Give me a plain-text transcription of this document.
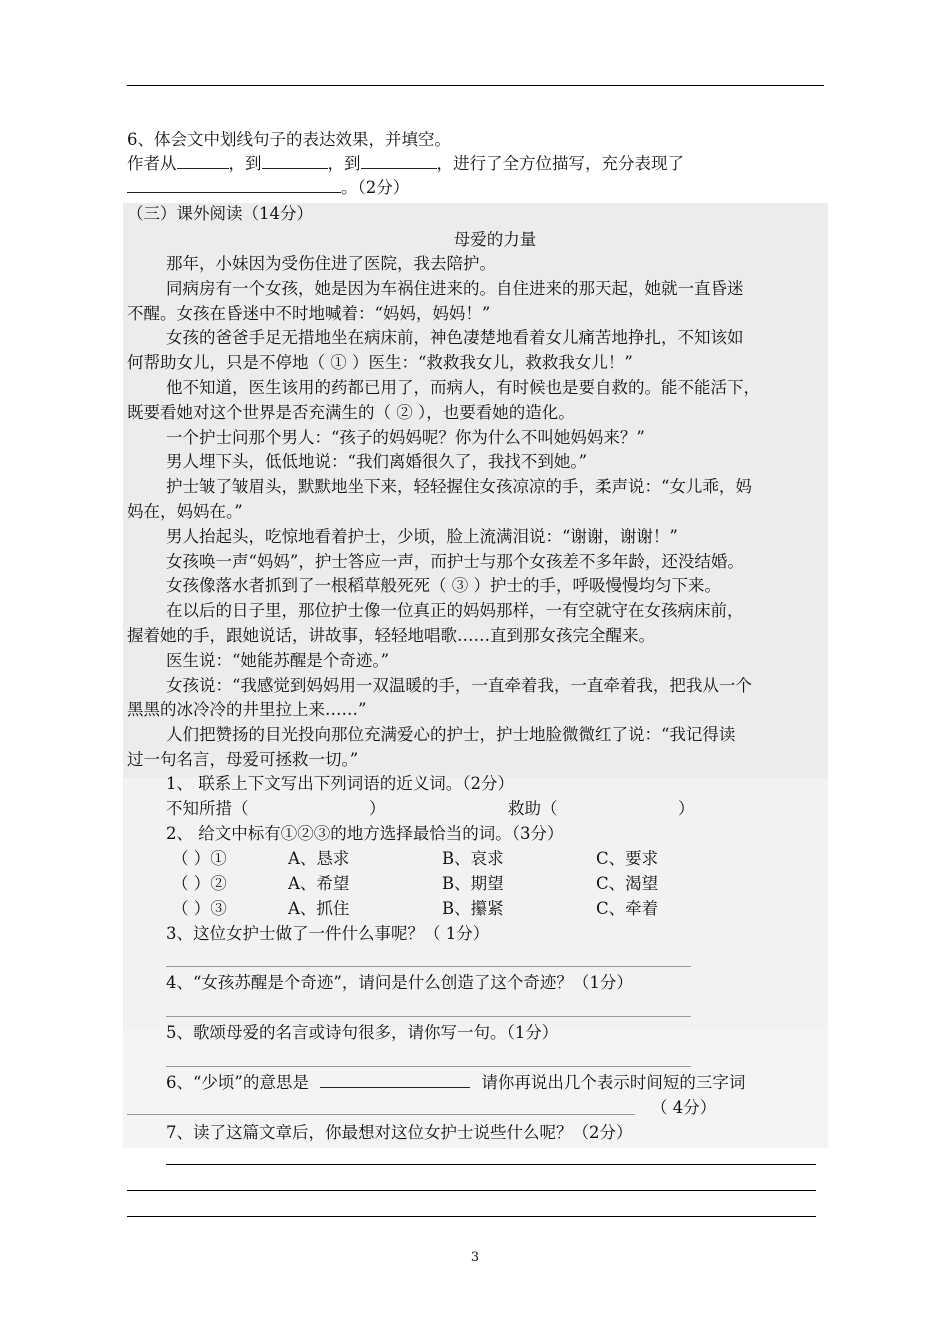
6、体会文中划线句子的表达效果，并填空。
作者从	，到	，到	，进行了全方位描写，充分表现了
。（2分）
（三）课外阅读（14分）
母爱的力量
那年，小妹因为受伤住进了医院，我去陪护。
同病房有一个女孩，她是因为车祸住进来的。自住进来的那天起，她就一直昏迷
不醒。女孩在昏迷中不时地喊着：“妈妈，妈妈！”
女孩的爸爸手足无措地坐在病床前，神色凄楚地看着女儿痛苦地挣扎，不知该如
何帮助女儿，只是不停地（ ① ）医生：“救救我女儿，救救我女儿！”
他不知道，医生该用的药都已用了，而病人，有时候也是要自救的。能不能活下，
既要看她对这个世界是否充满生的（ ② ），也要看她的造化。
一个护士问那个男人：“孩子的妈妈呢？你为什么不叫她妈妈来？”
男人埋下头，低低地说：“我们离婚很久了，我找不到她。”
护士皱了皱眉头，默默地坐下来，轻轻握住女孩凉凉的手，柔声说：“女儿乖，妈
妈在，妈妈在。”
男人抬起头，吃惊地看着护士，少顷，脸上流满泪说：“谢谢，谢谢！”
女孩唤一声“妈妈”，护士答应一声，而护士与那个女孩差不多年龄，还没结婚。
女孩像落水者抓到了一根稻草般死死（ ③ ）护士的手，呼吸慢慢均匀下来。
在以后的日子里，那位护士像一位真正的妈妈那样，一有空就守在女孩病床前，
握着她的手，跟她说话，讲故事，轻轻地唱歌……直到那女孩完全醒来。
医生说：“她能苏醒是个奇迹。”
女孩说：“我感觉到妈妈用一双温暖的手，一直牵着我，一直牵着我，把我从一个
黑黑的冰冷冷的井里拉上来……”
人们把赞扬的目光投向那位充满爱心的护士，护士地脸微微红了说：“我记得读
过一句名言，母爱可拯救一切。”
1、 联系上下文写出下列词语的近义词。（2分）
不知所措（	）	救助（	）
2、 给文中标有①②③的地方选择最恰当的词。（3分）
（ ）①	A、恳求	B、哀求	C、要求
（ ）②	A、希望	B、期望	C、渴望
（ ）③	A、抓住	B、攥紧	C、牵着
3、这位女护士做了一件什么事呢？（ 1分）
4、“女孩苏醒是个奇迹”，请问是什么创造了这个奇迹？（1分）
5、歌颂母爱的名言或诗句很多，请你写一句。（1分）
6、“少顷”的意思是	请你再说出几个表示时间短的三字词
（ 4分）
7、读了这篇文章后，你最想对这位女护士说些什么呢？（2分）
3
